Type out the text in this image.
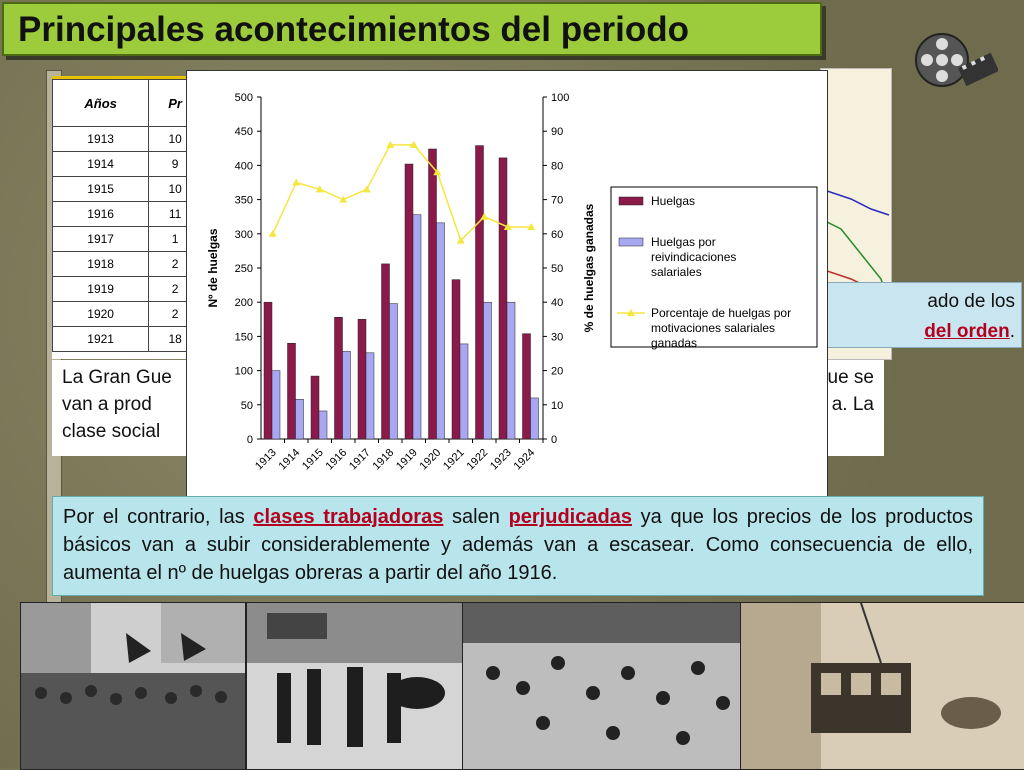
Principales acontecimientos del periodo
Años	Pr
1913	10
1914	9
1915	10
1916	11
1917	1
1918	2
1919	2
1920	2
1921	18
ado de los
del orden.
La Gran Gue
van a prod
clase social
ue se
a. La
0
50
100
150
200
250
300
350
400
450
500
0
10
20
30
40
50
60
70
80
90
100
Nº de huelgas	% de huelgas ganadas
1913
1914
1915
1916
1917
1918
1919
1920
1921
1922
1923
1924
Huelgas
Huelgas por reivindicaciones salariales
Porcentaje de huelgas por motivaciones salariales ganadas
Por el contrario, las clases trabajadoras salen perjudicadas ya que los precios de los productos básicos van a subir considerablemente y además van a escasear. Como consecuencia de ello, aumenta el nº de huelgas obreras a partir del año 1916.
